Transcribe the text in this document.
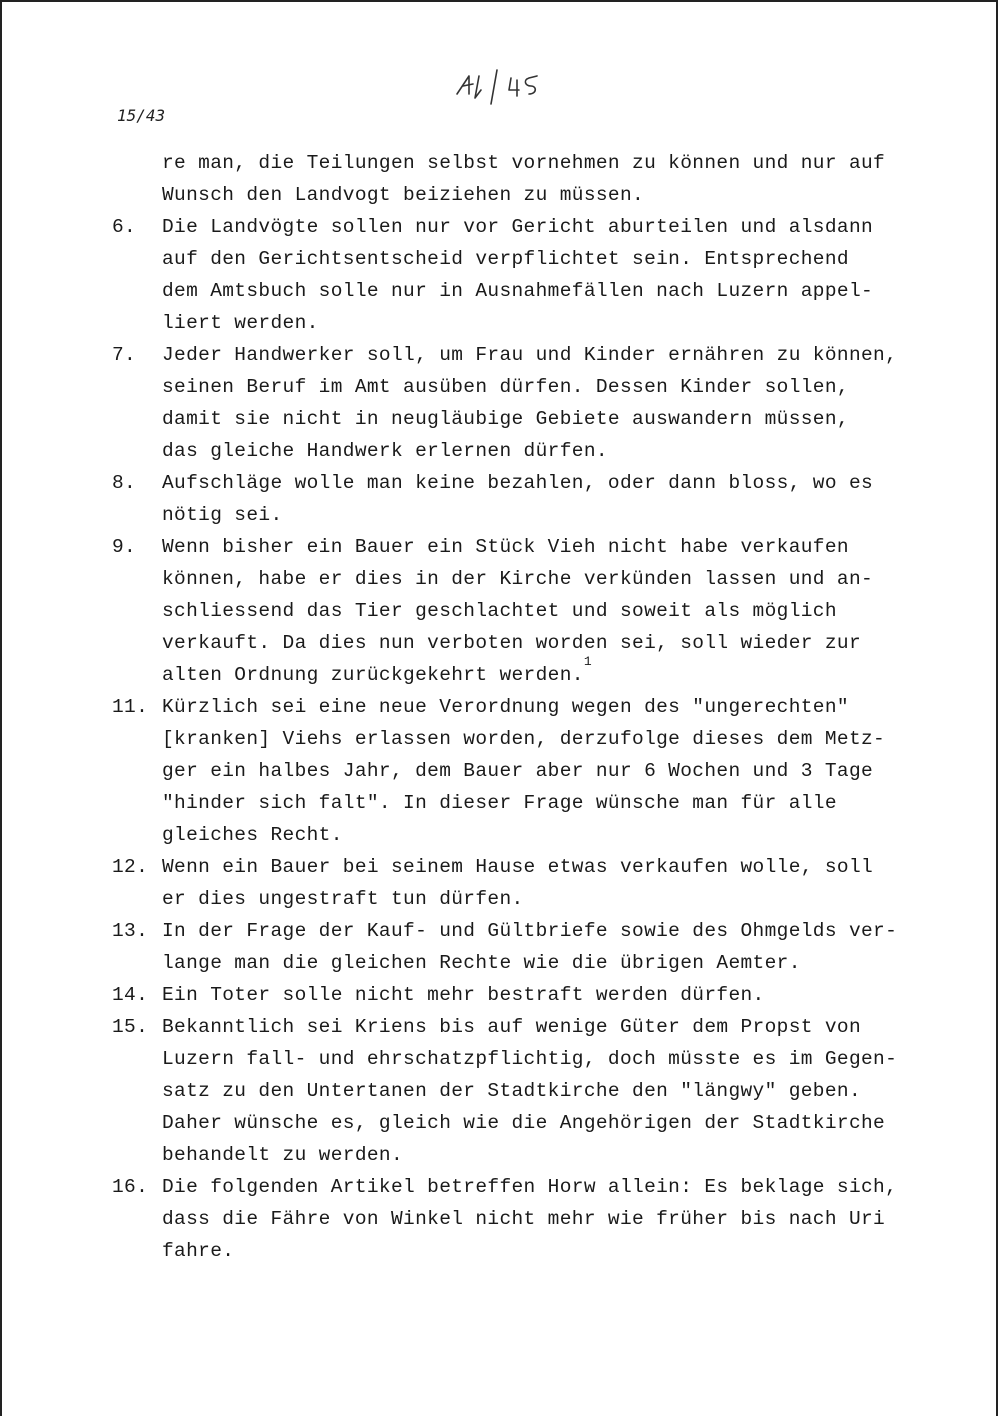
15/43
re man, die Teilungen selbst vornehmen zu können und nur auf
Wunsch den Landvogt beiziehen zu müssen.
6.	Die Landvögte sollen nur vor Gericht aburteilen und alsdann
auf den Gerichtsentscheid verpflichtet sein. Entsprechend
dem Amtsbuch solle nur in Ausnahmefällen nach Luzern appel-
liert werden.
7.	Jeder Handwerker soll, um Frau und Kinder ernähren zu können,
seinen Beruf im Amt ausüben dürfen. Dessen Kinder sollen,
damit sie nicht in neugläubige Gebiete auswandern müssen,
das gleiche Handwerk erlernen dürfen.
8.	Aufschläge wolle man keine bezahlen, oder dann bloss, wo es
nötig sei.
9.	Wenn bisher ein Bauer ein Stück Vieh nicht habe verkaufen
können, habe er dies in der Kirche verkünden lassen und an-
schliessend das Tier geschlachtet und soweit als möglich
verkauft. Da dies nun verboten worden sei, soll wieder zur
alten Ordnung zurückgekehrt werden.$^1$
11. Kürzlich sei eine neue Verordnung wegen des "ungerechten"
[kranken] Viehs erlassen worden, derzufolge dieses dem Metz-
ger ein halbes Jahr, dem Bauer aber nur 6 Wochen und 3 Tage
"hinder sich falt". In dieser Frage wünsche man für alle
gleiches Recht.
12. Wenn ein Bauer bei seinem Hause etwas verkaufen wolle, soll
er dies ungestraft tun dürfen.
13. In der Frage der Kauf- und Gültbriefe sowie des Ohmgelds ver-
lange man die gleichen Rechte wie die übrigen Aemter.
14. Ein Toter solle nicht mehr bestraft werden dürfen.
15. Bekanntlich sei Kriens bis auf wenige Güter dem Propst von
Luzern fall- und ehrschatzpflichtig, doch müsste es im Gegen-
satz zu den Untertanen der Stadtkirche den "längwy" geben.
Daher wünsche es, gleich wie die Angehörigen der Stadtkirche
behandelt zu werden.
16. Die folgenden Artikel betreffen Horw allein: Es beklage sich,
dass die Fähre von Winkel nicht mehr wie früher bis nach Uri
fahre.
